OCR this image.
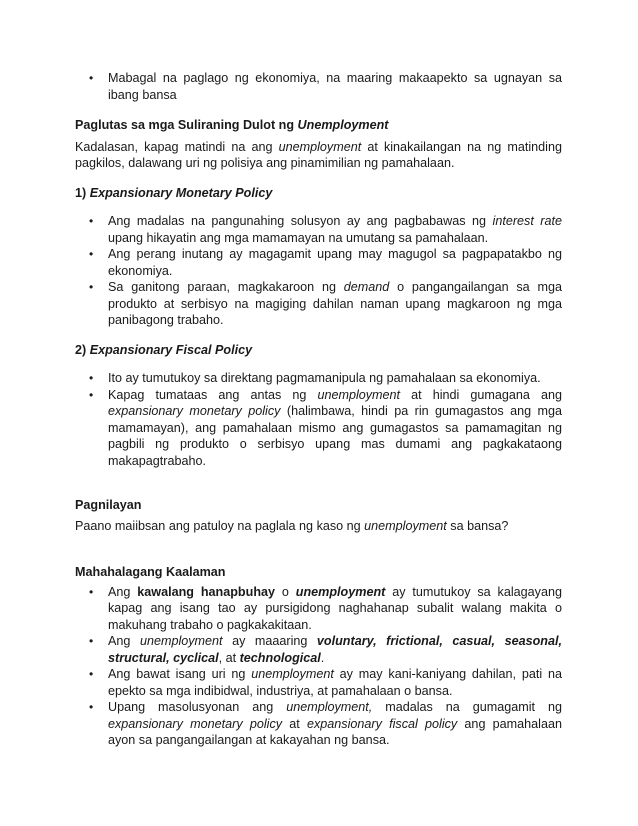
• Mabagal na paglago ng ekonomiya, na maaring makaapekto sa ugnayan sa ibang bansa

Paglutas sa mga Suliraning Dulot ng Unemployment

Kadalasan, kapag matindi na ang unemployment at kinakailangan na ng matinding pagkilos, dalawang uri ng polisiya ang pinamimilian ng pamahalaan.

1) Expansionary Monetary Policy

• Ang madalas na pangunahing solusyon ay ang pagbabawas ng interest rate upang hikayatin ang mga mamamayan na umutang sa pamahalaan.
• Ang perang inutang ay magagamit upang may magugol sa pagpapatakbo ng ekonomiya.
• Sa ganitong paraan, magkakaroon ng demand o pangangailangan sa mga produkto at serbisyo na magiging dahilan naman upang magkaroon ng mga panibagong trabaho.

2) Expansionary Fiscal Policy

• Ito ay tumutukoy sa direktang pagmamanipula ng pamahalaan sa ekonomiya.
• Kapag tumataas ang antas ng unemployment at hindi gumagana ang expansionary monetary policy (halimbawa, hindi pa rin gumagastos ang mga mamamayan), ang pamahalaan mismo ang gumagastos sa pamamagitan ng pagbili ng produkto o serbisyo upang mas dumami ang pagkakataong makapagtrabaho.

Pagnilayan

Paano maiibsan ang patuloy na paglala ng kaso ng unemployment sa bansa?

Mahahalagang Kaalaman

• Ang kawalang hanapbuhay o unemployment ay tumutukoy sa kalagayang kapag ang isang tao ay pursigidong naghahanap subalit walang makita o makuhang trabaho o pagkakakitaan.
• Ang unemployment ay maaaring voluntary, frictional, casual, seasonal, structural, cyclical, at technological.
• Ang bawat isang uri ng unemployment ay may kani-kaniyang dahilan, pati na epekto sa mga indibidwal, industriya, at pamahalaan o bansa.
• Upang masolusyonan ang unemployment, madalas na gumagamit ng expansionary monetary policy at expansionary fiscal policy ang pamahalaan ayon sa pangangailangan at kakayahan ng bansa.
